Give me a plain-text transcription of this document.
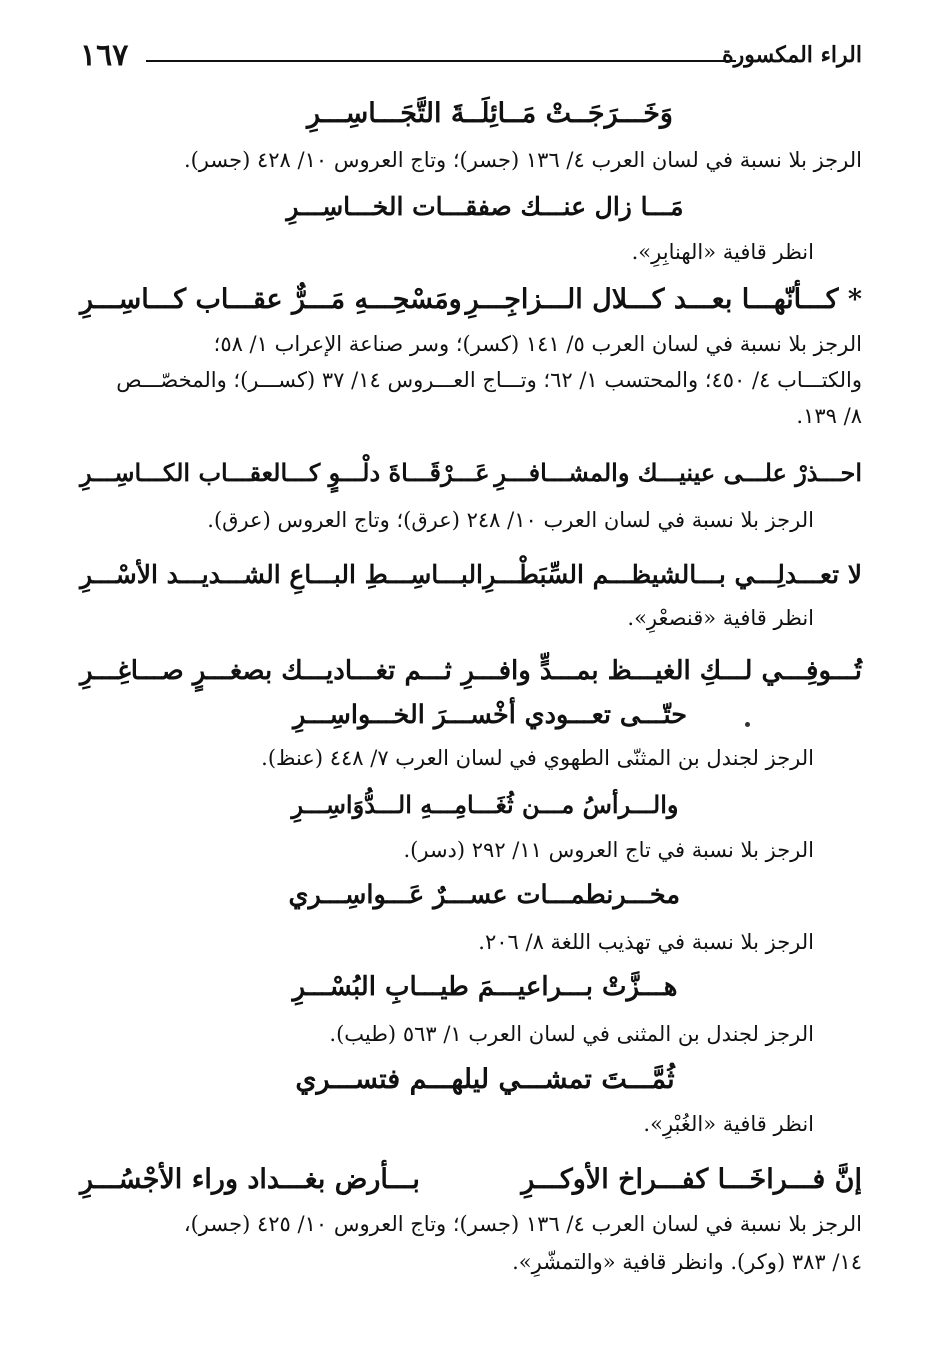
الراء المكسورة
١٦٧
وَخَـــرَجَــتْ مَــائِلَــةَ التَّجَـــاسِـــرِ
الرجز بلا نسبة في لسان العرب ٤/ ١٣٦ (جسر)؛ وتاج العروس ١٠/ ٤٢٨ (جسر).
مَـــا زال عنـــك صفقـــات الخـــاسِـــرِ
انظر قافية «الهنابِرِ».
* كـــأنّهـــا بعـــد كـــلال الـــزاجِـــرِ
ومَسْحِـــهِ مَـــرٌّ عقـــاب كـــاسِـــرِ
الرجز بلا نسبة في لسان العرب ٥/ ١٤١ (كسر)؛ وسر صناعة الإعراب ١/ ٥٨؛
والكتـــاب ٤/ ٤٥٠؛ والمحتسب ١/ ٦٢؛ وتـــاج العـــروس ١٤/ ٣٧ (كســـر)؛ والمخصّـــص
٨/ ١٣٩.
احـــذرْ علـــى عينيـــك والمشـــافـــرِ
عَـــرْقَـــاةَ دلْـــوٍ كـــالعقـــاب الكـــاسِـــرِ
الرجز بلا نسبة في لسان العرب ١٠/ ٢٤٨ (عرق)؛ وتاج العروس (عرق).
لا تعـــدلِـــي بـــالشيظـــم السِّبَطْـــرِ
البـــاسِـــطِ البـــاعِ الشـــديـــد الأسْـــرِ
انظر قافية «قنصعْرِ».
تُـــوفِـــي لـــكِ الغيـــظ بمـــدٍّ وافـــرِ
ثـــم تغـــاديـــك بصغـــرٍ صـــاغِـــرِ
حتّـــى تعـــودي أخْســـرَ الخـــواسِـــرِ
الرجز لجندل بن المثنّى الطهوي في لسان العرب ٧/ ٤٤٨ (عنظ).
والـــرأسُ مـــن ثُغَـــامِـــهِ الـــدُّوَاسِـــرِ
الرجز بلا نسبة في تاج العروس ١١/ ٢٩٢ (دسر).
مخـــرنطمـــات عســـرٌ عَـــواسِـــري
الرجز بلا نسبة في تهذيب اللغة ٨/ ٢٠٦.
هـــزَّتْ بـــراعيـــمَ طيـــابِ البُسْـــرِ
الرجز لجندل بن المثنى في لسان العرب ١/ ٥٦٣ (طيب).
ثُمَّـــتَ تمشـــي ليلهـــم فتســـري
انظر قافية «الغُبْرِ».
إنَّ فـــراخَـــا كفـــراخ الأوكـــرِ
بـــأرض بغـــداد وراء الأجْسُـــرِ
الرجز بلا نسبة في لسان العرب ٤/ ١٣٦ (جسر)؛ وتاج العروس ١٠/ ٤٢٥ (جسر)،
١٤/ ٣٨٣ (وكر). وانظر قافية «والتمشّرِ».
